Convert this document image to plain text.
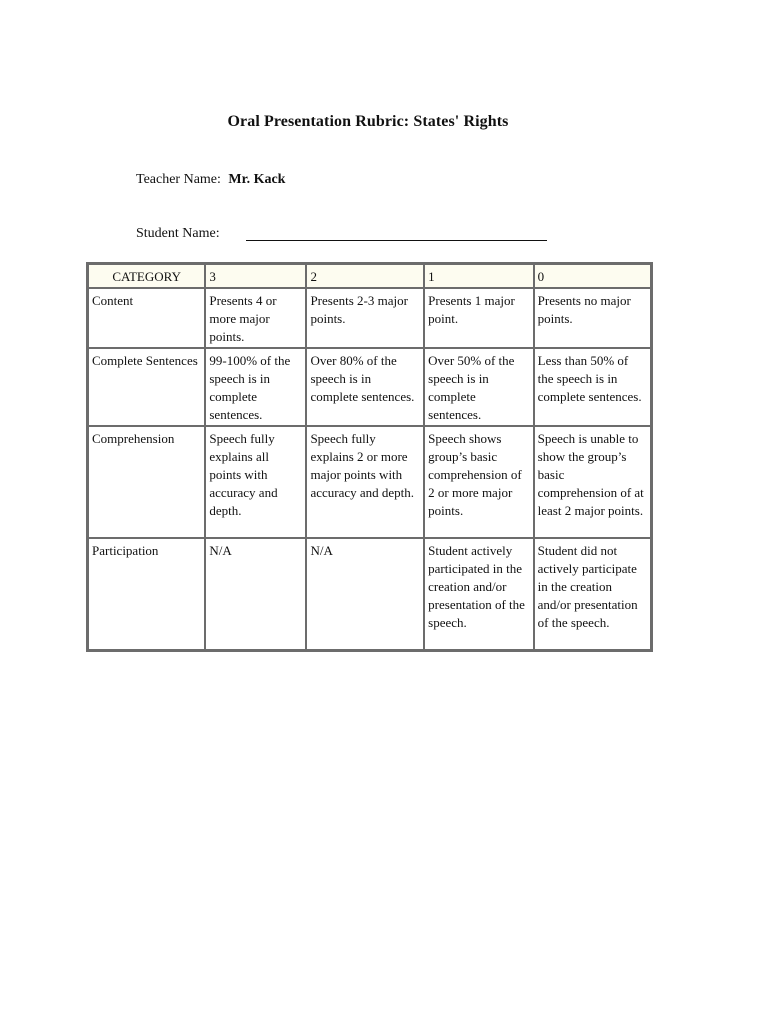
Oral Presentation Rubric: States' Rights
Teacher Name: Mr. Kack
Student Name:
CATEGORY	3	2	1	0
Content	Presents 4 or more major points.	Presents 2-3 major points.	Presents 1 major point.	Presents no major points.
Complete Sentences	99-100% of the speech is in complete sentences.	Over 80% of the speech is in complete sentences.	Over 50% of the speech is in complete sentences.	Less than 50% of the speech is in complete sentences.
Comprehension	Speech fully explains all points with accuracy and depth.	Speech fully explains 2 or more major points with accuracy and depth.	Speech shows group’s basic comprehension of 2 or more major points.	Speech is unable to show the group’s basic comprehension of at least 2 major points.
Participation	N/A	N/A	Student actively participated in the creation and/or presentation of the speech.	Student did not actively participate in the creation and/or presentation of the speech.
